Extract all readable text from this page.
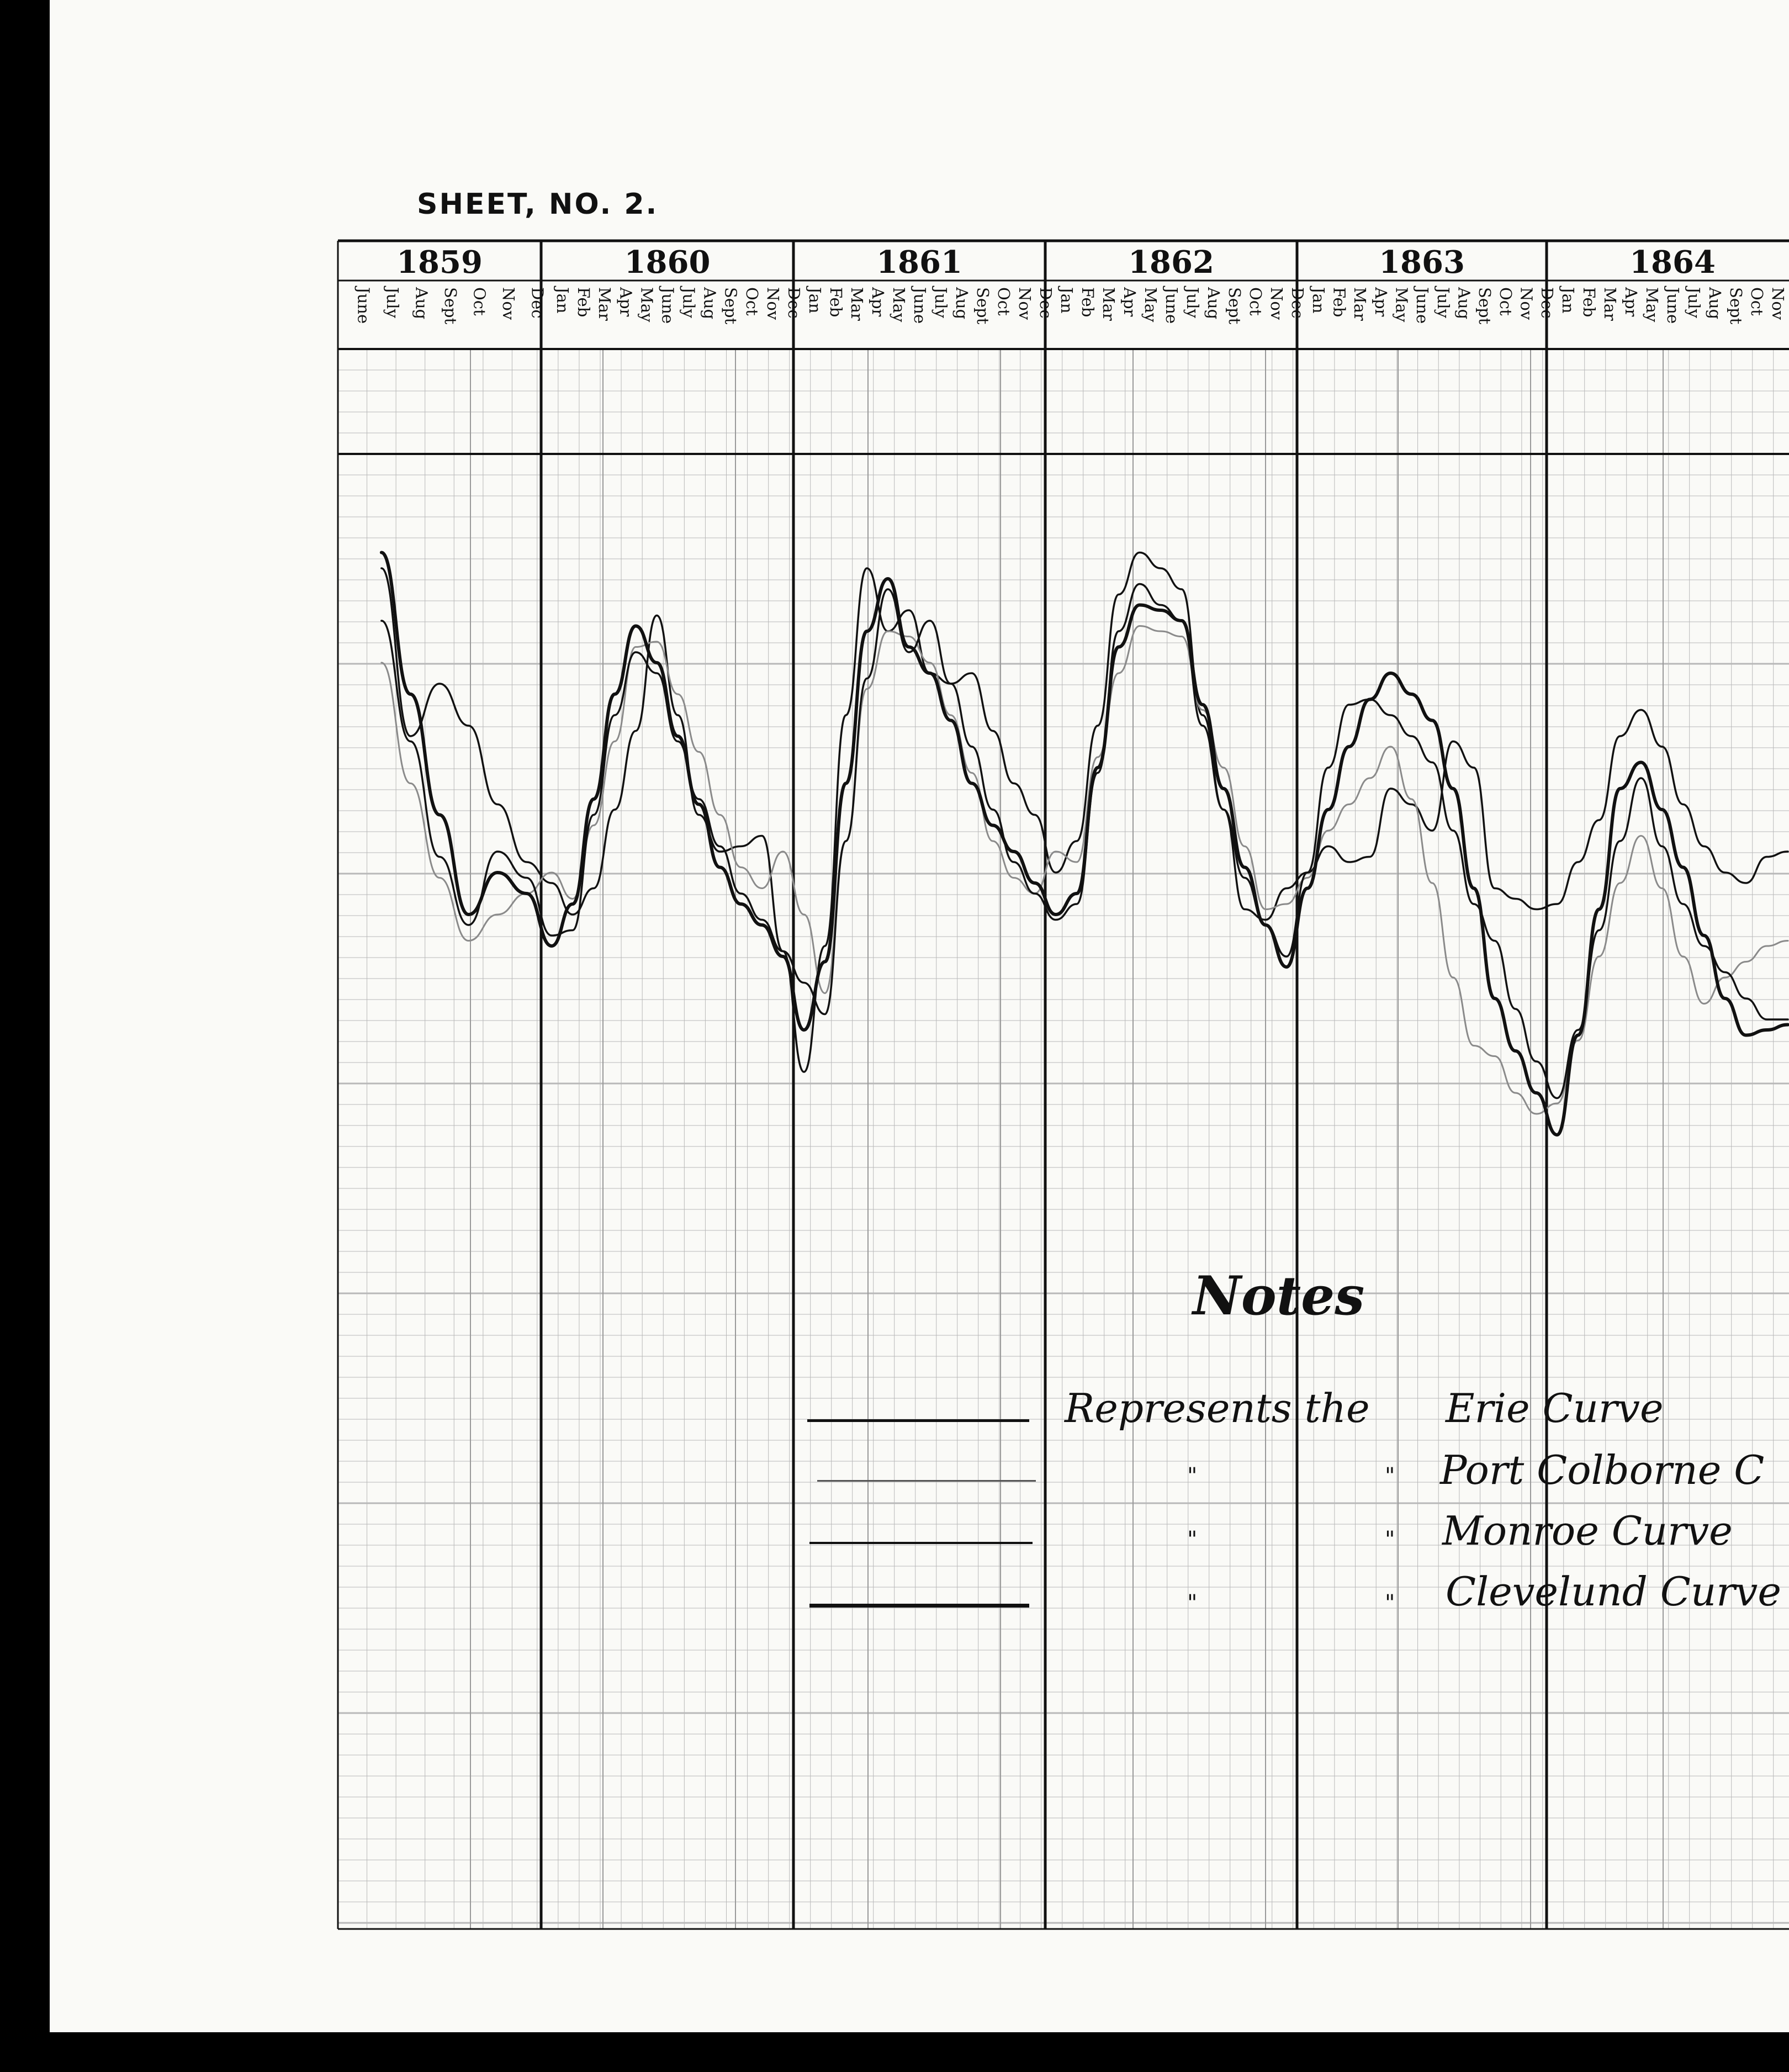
SHEET, NO. 2.
1859	1860	1861	1862	1863	1864
June July Aug Sept Oct Nov Dec Jan Feb Mar Apr May June July Aug Sept Oct Nov Dec Jan Feb Mar Apr May June July Aug Sept Oct Nov Dec Jan Feb Mar Apr May June July Aug Sept Oct Nov Dec Jan Feb Mar Apr May June July Aug Sept Oct Nov Dec Jan Feb Mar Apr May June July Aug Sept Oct Nov
Notes
Represents the Erie Curve
"	" Port Colborne C
"	" Monroe Curve
"	" Clevelund Curve
